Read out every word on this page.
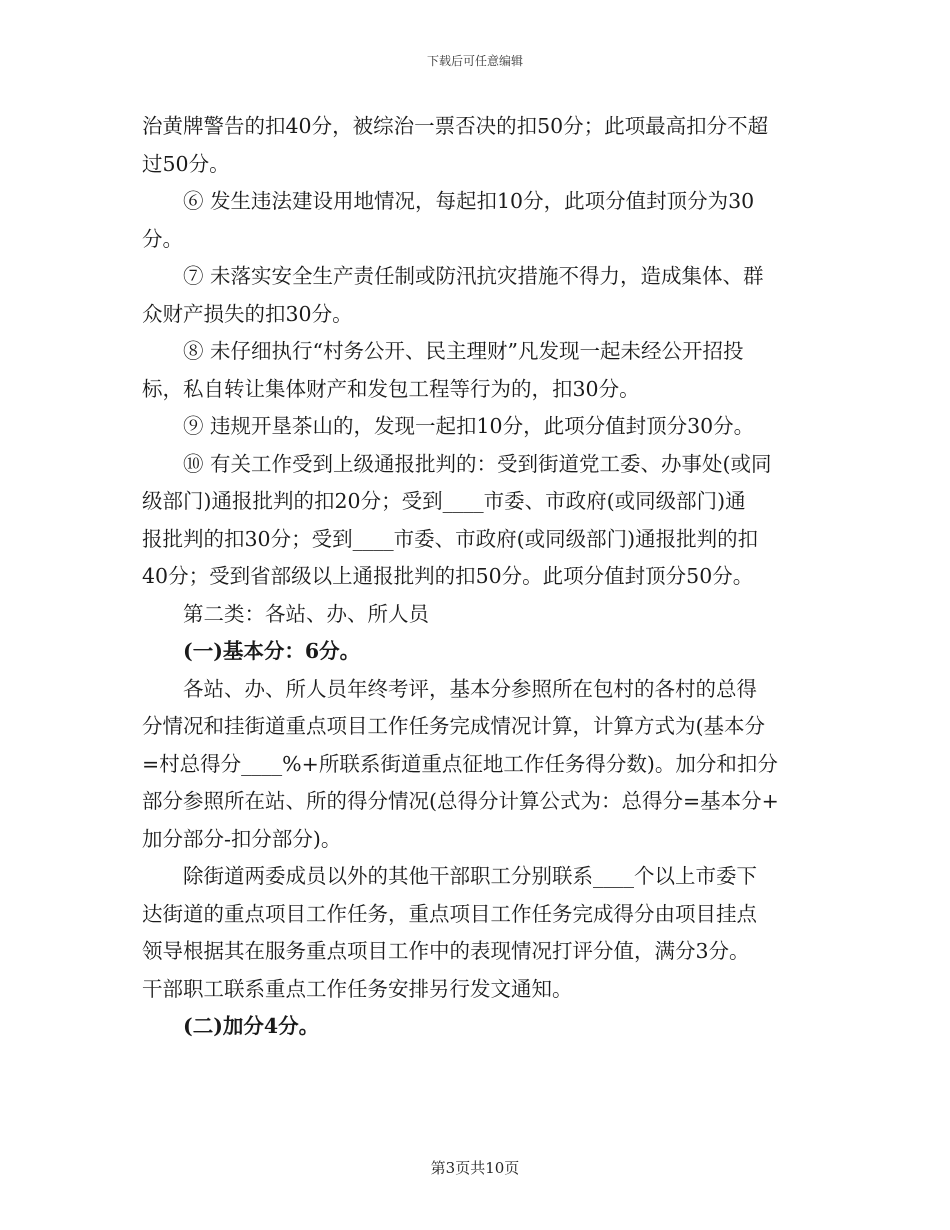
下载后可任意编辑
治黄牌警告的扣40分，被综治一票否决的扣50分；此项最高扣分不超
过50分。
⑥ 发生违法建设用地情况，每起扣10分，此项分值封顶分为30
分。
⑦ 未落实安全生产责任制或防汛抗灾措施不得力，造成集体、群
众财产损失的扣30分。
⑧ 未仔细执行“村务公开、民主理财”凡发现一起未经公开招投
标，私自转让集体财产和发包工程等行为的，扣30分。
⑨ 违规开垦茶山的，发现一起扣10分，此项分值封顶分30分。
⑩ 有关工作受到上级通报批判的：受到街道党工委、办事处(或同
级部门)通报批判的扣20分；受到____市委、市政府(或同级部门)通
报批判的扣30分；受到____市委、市政府(或同级部门)通报批判的扣
40分；受到省部级以上通报批判的扣50分。此项分值封顶分50分。
第二类：各站、办、所人员
(一)基本分：6分。
各站、办、所人员年终考评，基本分参照所在包村的各村的总得
分情况和挂街道重点项目工作任务完成情况计算，计算方式为(基本分
=村总得分____%+所联系街道重点征地工作任务得分数)。加分和扣分
部分参照所在站、所的得分情况(总得分计算公式为：总得分=基本分+
加分部分-扣分部分)。
除街道两委成员以外的其他干部职工分别联系____个以上市委下
达街道的重点项目工作任务，重点项目工作任务完成得分由项目挂点
领导根据其在服务重点项目工作中的表现情况打评分值，满分3分。
干部职工联系重点工作任务安排另行发文通知。
(二)加分4分。
第3页共10页
